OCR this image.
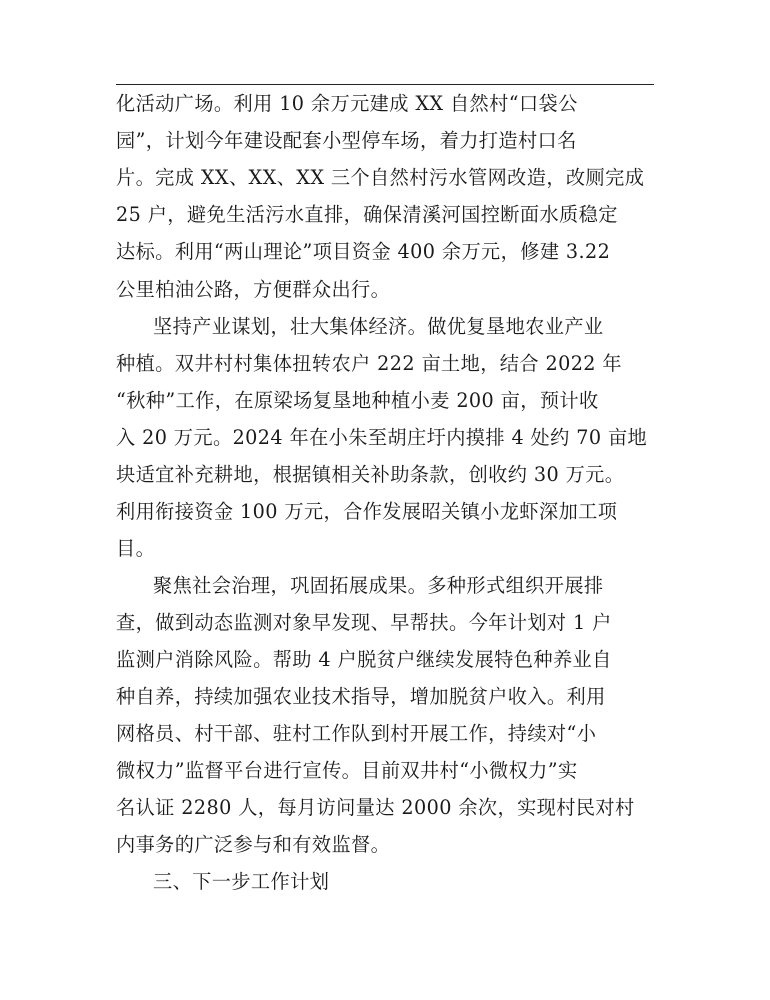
化活动广场。利用 10 余万元建成 XX 自然村“口袋公
园”，计划今年建设配套小型停车场，着力打造村口名
片。完成 XX、XX、XX 三个自然村污水管网改造，改厕完成
25 户，避免生活污水直排，确保清溪河国控断面水质稳定
达标。利用“两山理论”项目资金 400 余万元，修建 3.22
公里柏油公路，方便群众出行。
坚持产业谋划，壮大集体经济。做优复垦地农业产业
种植。双井村村集体扭转农户 222 亩土地，结合 2022 年
“秋种”工作，在原梁场复垦地种植小麦 200 亩，预计收
入 20 万元。2024 年在小朱至胡庄圩内摸排 4 处约 70 亩地
块适宜补充耕地，根据镇相关补助条款，创收约 30 万元。
利用衔接资金 100 万元，合作发展昭关镇小龙虾深加工项
目。
聚焦社会治理，巩固拓展成果。多种形式组织开展排
查，做到动态监测对象早发现、早帮扶。今年计划对 1 户
监测户消除风险。帮助 4 户脱贫户继续发展特色种养业自
种自养，持续加强农业技术指导，增加脱贫户收入。利用
网格员、村干部、驻村工作队到村开展工作，持续对“小
微权力”监督平台进行宣传。目前双井村“小微权力”实
名认证 2280 人，每月访问量达 2000 余次，实现村民对村
内事务的广泛参与和有效监督。
三、下一步工作计划
